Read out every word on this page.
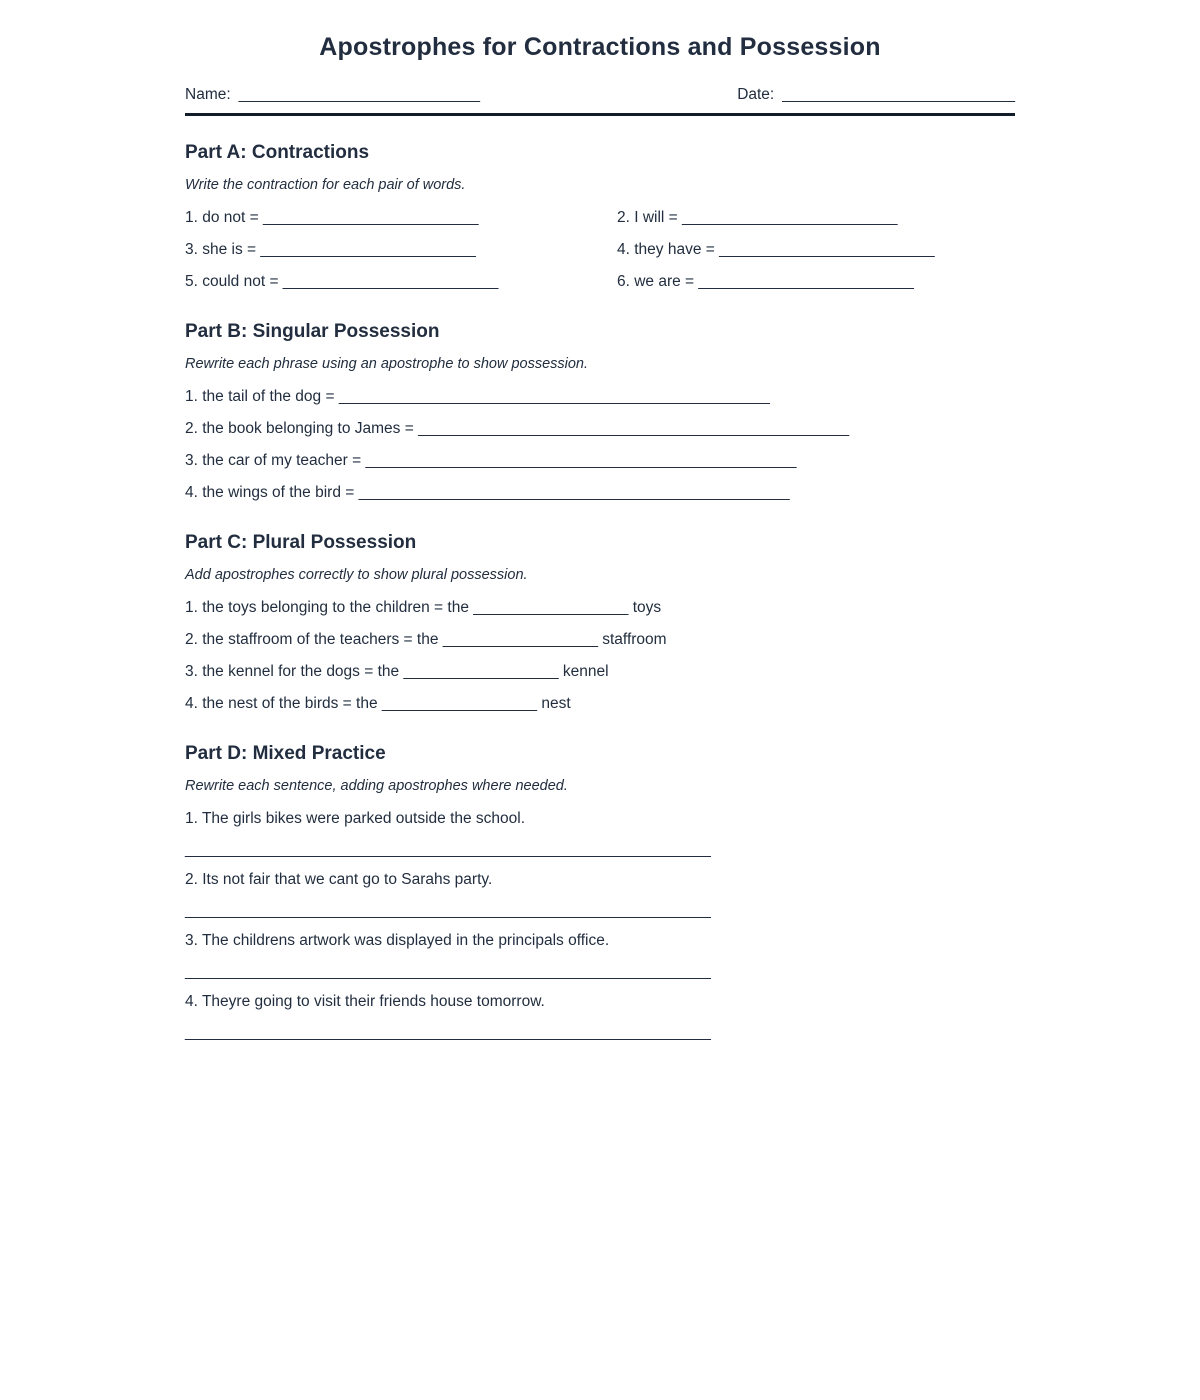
Apostrophes for Contractions and Possession
Name: ____________________________	Date: ___________________________
Part A: Contractions

Write the contraction for each pair of words.

1. do not = _________________________	2. I will = _________________________
3. she is = _________________________	4. they have = _________________________
5. could not = _________________________	6. we are = _________________________
Part B: Singular Possession

Rewrite each phrase using an apostrophe to show possession.

1. the tail of the dog = __________________________________________________
2. the book belonging to James = __________________________________________________
3. the car of my teacher = __________________________________________________
4. the wings of the bird = __________________________________________________
Part C: Plural Possession

Add apostrophes correctly to show plural possession.

1. the toys belonging to the children = the __________________ toys
2. the staffroom of the teachers = the __________________ staffroom
3. the kennel for the dogs = the __________________ kennel
4. the nest of the birds = the __________________ nest
Part D: Mixed Practice

Rewrite each sentence, adding apostrophes where needed.

1. The girls bikes were parked outside the school.
_____________________________________________________________
2. Its not fair that we cant go to Sarahs party.
_____________________________________________________________
3. The childrens artwork was displayed in the principals office.
_____________________________________________________________
4. Theyre going to visit their friends house tomorrow.
_____________________________________________________________
